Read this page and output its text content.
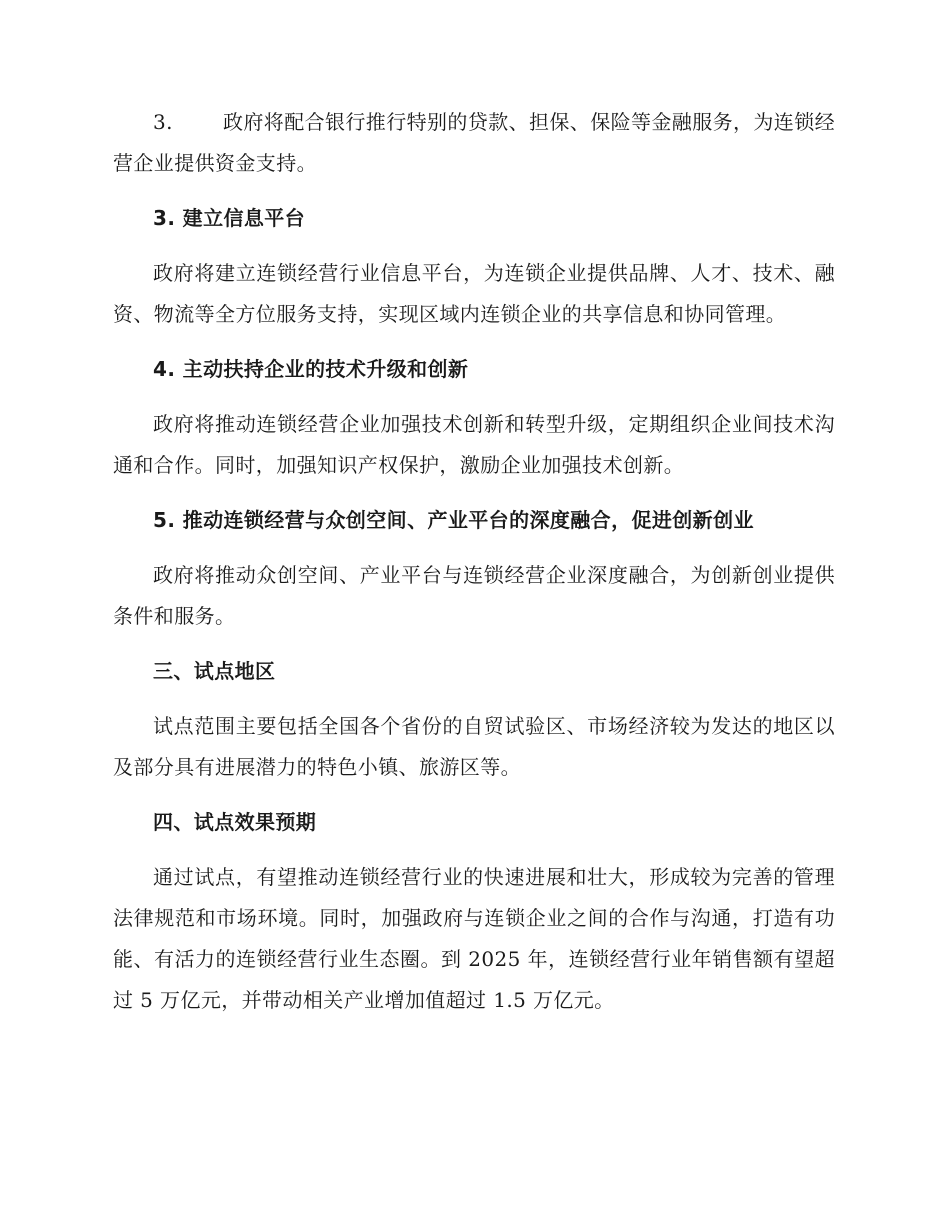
3.	政府将配合银行推行特别的贷款、担保、保险等金融服务，为连锁经营企业提供资金支持。

3. 建立信息平台

政府将建立连锁经营行业信息平台，为连锁企业提供品牌、人才、技术、融资、物流等全方位服务支持，实现区域内连锁企业的共享信息和协同管理。

4. 主动扶持企业的技术升级和创新

政府将推动连锁经营企业加强技术创新和转型升级，定期组织企业间技术沟通和合作。同时，加强知识产权保护，激励企业加强技术创新。

5. 推动连锁经营与众创空间、产业平台的深度融合，促进创新创业

政府将推动众创空间、产业平台与连锁经营企业深度融合，为创新创业提供条件和服务。

三、试点地区

试点范围主要包括全国各个省份的自贸试验区、市场经济较为发达的地区以及部分具有进展潜力的特色小镇、旅游区等。

四、试点效果预期

通过试点，有望推动连锁经营行业的快速进展和壮大，形成较为完善的管理法律规范和市场环境。同时，加强政府与连锁企业之间的合作与沟通，打造有功能、有活力的连锁经营行业生态圈。到 2025 年，连锁经营行业年销售额有望超过 5 万亿元，并带动相关产业增加值超过 1.5 万亿元。
